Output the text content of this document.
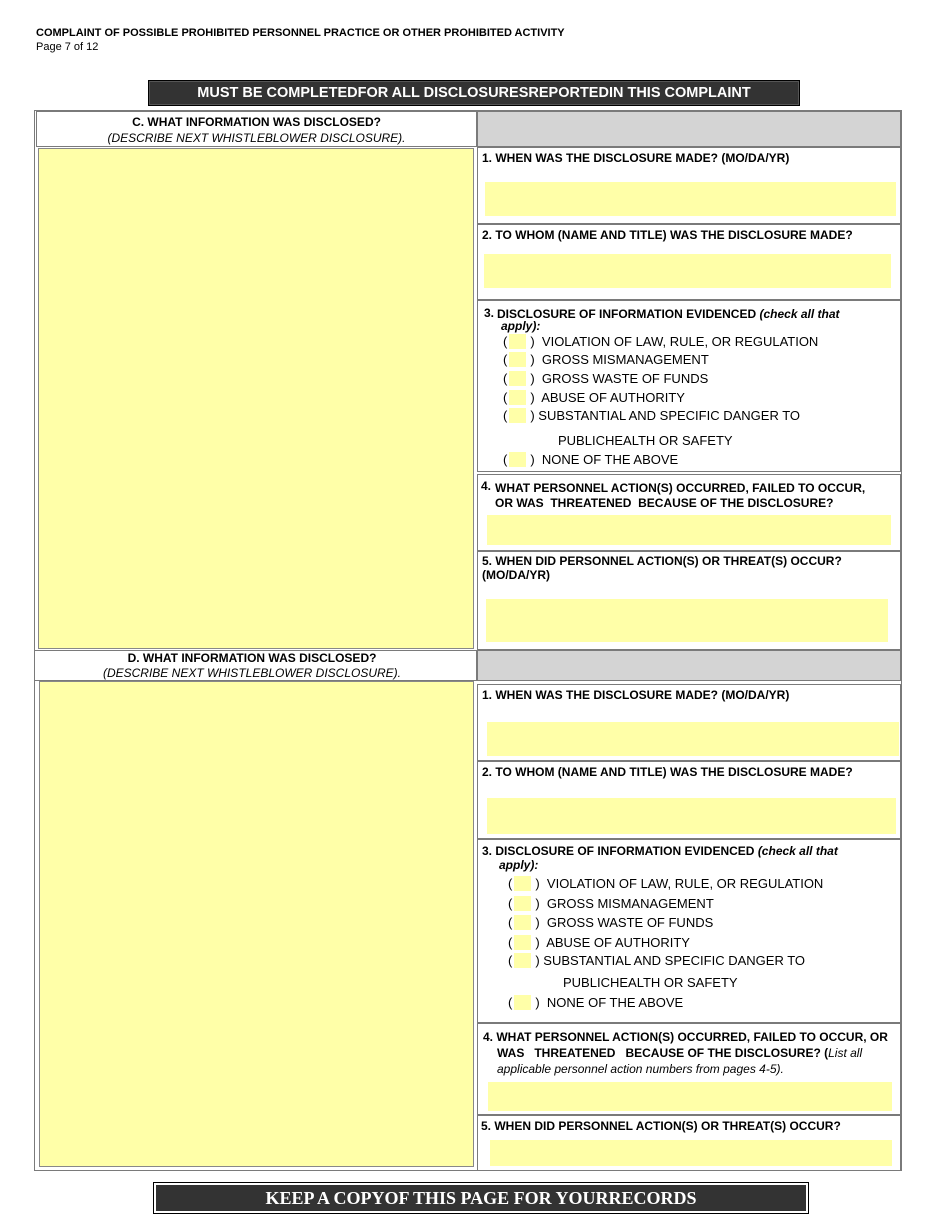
COMPLAINT OF POSSIBLE PROHIBITED PERSONNEL PRACTICE OR OTHER PROHIBITED ACTIVITY
Page 7 of 12
MUST BE COMPLETEDFOR ALL DISCLOSURESREPORTEDIN THIS COMPLAINT
C. WHAT INFORMATION WAS DISCLOSED?
(DESCRIBE NEXT WHISTLEBLOWER DISCLOSURE).
1. WHEN WAS THE DISCLOSURE MADE? (MO/DA/YR)
2. TO WHOM (NAME AND TITLE) WAS THE DISCLOSURE MADE?
3. DISCLOSURE OF INFORMATION EVIDENCED (check all that
apply):
( )  VIOLATION OF LAW, RULE, OR REGULATION
( )  GROSS MISMANAGEMENT
( )  GROSS WASTE OF FUNDS
( )  ABUSE OF AUTHORITY
( ) SUBSTANTIAL AND SPECIFIC DANGER TO
PUBLICHEALTH OR SAFETY
( )  NONE OF THE ABOVE
4. WHAT PERSONNEL ACTION(S) OCCURRED, FAILED TO OCCUR,
OR WAS  THREATENED  BECAUSE OF THE DISCLOSURE?
5. WHEN DID PERSONNEL ACTION(S) OR THREAT(S) OCCUR?
(MO/DA/YR)
D. WHAT INFORMATION WAS DISCLOSED?
(DESCRIBE NEXT WHISTLEBLOWER DISCLOSURE).
1. WHEN WAS THE DISCLOSURE MADE? (MO/DA/YR)
2. TO WHOM (NAME AND TITLE) WAS THE DISCLOSURE MADE?
3. DISCLOSURE OF INFORMATION EVIDENCED (check all that
apply):
( )  VIOLATION OF LAW, RULE, OR REGULATION
( )  GROSS MISMANAGEMENT
( )  GROSS WASTE OF FUNDS
( )  ABUSE OF AUTHORITY
( ) SUBSTANTIAL AND SPECIFIC DANGER TO
PUBLICHEALTH OR SAFETY
( )  NONE OF THE ABOVE
4. WHAT PERSONNEL ACTION(S) OCCURRED, FAILED TO OCCUR, OR
WAS   THREATENED   BECAUSE OF THE DISCLOSURE? (List all
applicable personnel action numbers from pages 4-5).
5. WHEN DID PERSONNEL ACTION(S) OR THREAT(S) OCCUR?
KEEP A COPYOF THIS PAGE FOR YOURRECORDS
